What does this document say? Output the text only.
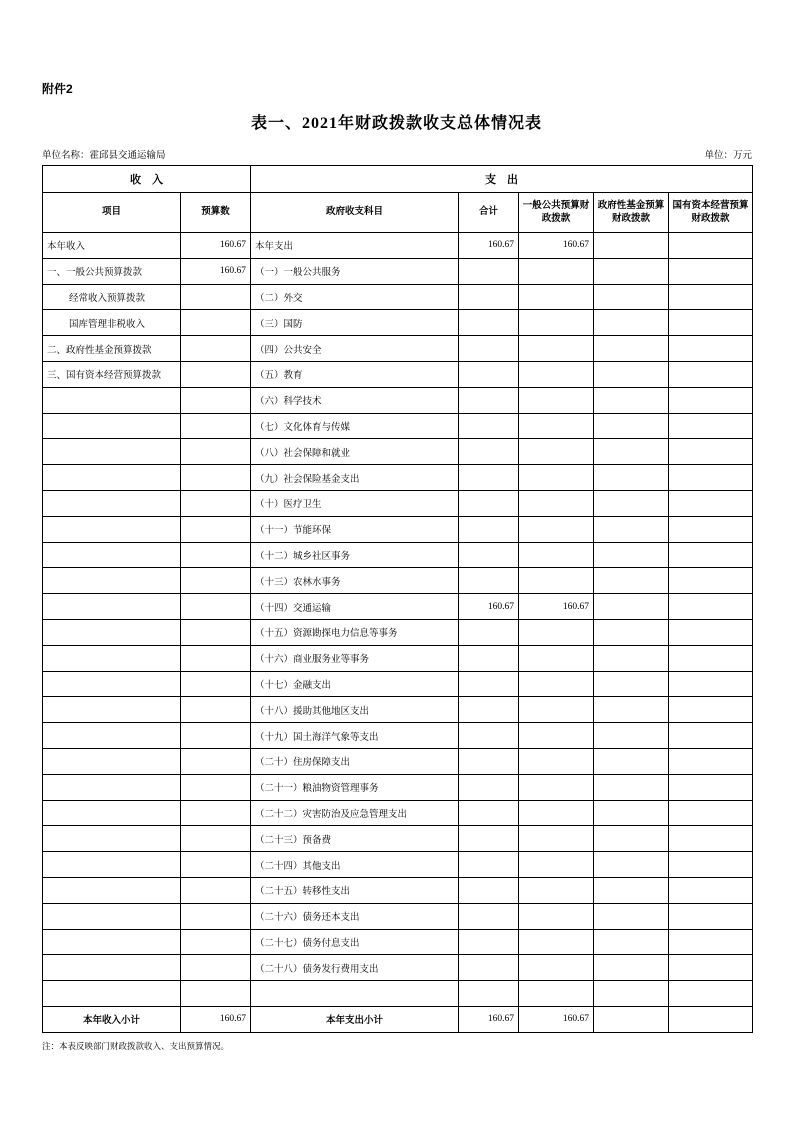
附件2
表一、2021年财政拨款收支总体情况表
单位名称：霍邱县交通运输局	单位：万元
收　入		支　出				
项目	预算数	政府收支科目	合计	一般公共预算财政拨款	政府性基金预算财政拨款	国有资本经营预算财政拨款
本年收入	160.67	本年支出	160.67	160.67		
一、一般公共预算拨款	160.67	（一）一般公共服务				
经常收入预算拨款		（二）外交				
国库管理非税收入		（三）国防				
二、政府性基金预算拨款		（四）公共安全				
三、国有资本经营预算拨款		（五）教育				
		（六）科学技术				
		（七）文化体育与传媒				
		（八）社会保障和就业				
		（九）社会保险基金支出				
		（十）医疗卫生				
		（十一）节能环保				
		（十二）城乡社区事务				
		（十三）农林水事务				
		（十四）交通运输	160.67	160.67		
		（十五）资源勘探电力信息等事务				
		（十六）商业服务业等事务				
		（十七）金融支出				
		（十八）援助其他地区支出				
		（十九）国土海洋气象等支出				
		（二十）住房保障支出				
		（二十一）粮油物资管理事务				
		（二十二）灾害防治及应急管理支出				
		（二十三）预备费				
		（二十四）其他支出				
		（二十五）转移性支出				
		（二十六）债务还本支出				
		（二十七）债务付息支出				
		（二十八）债务发行费用支出				

本年收入小计	160.67	本年支出小计	160.67	160.67		
注：本表反映部门财政拨款收入、支出预算情况。
